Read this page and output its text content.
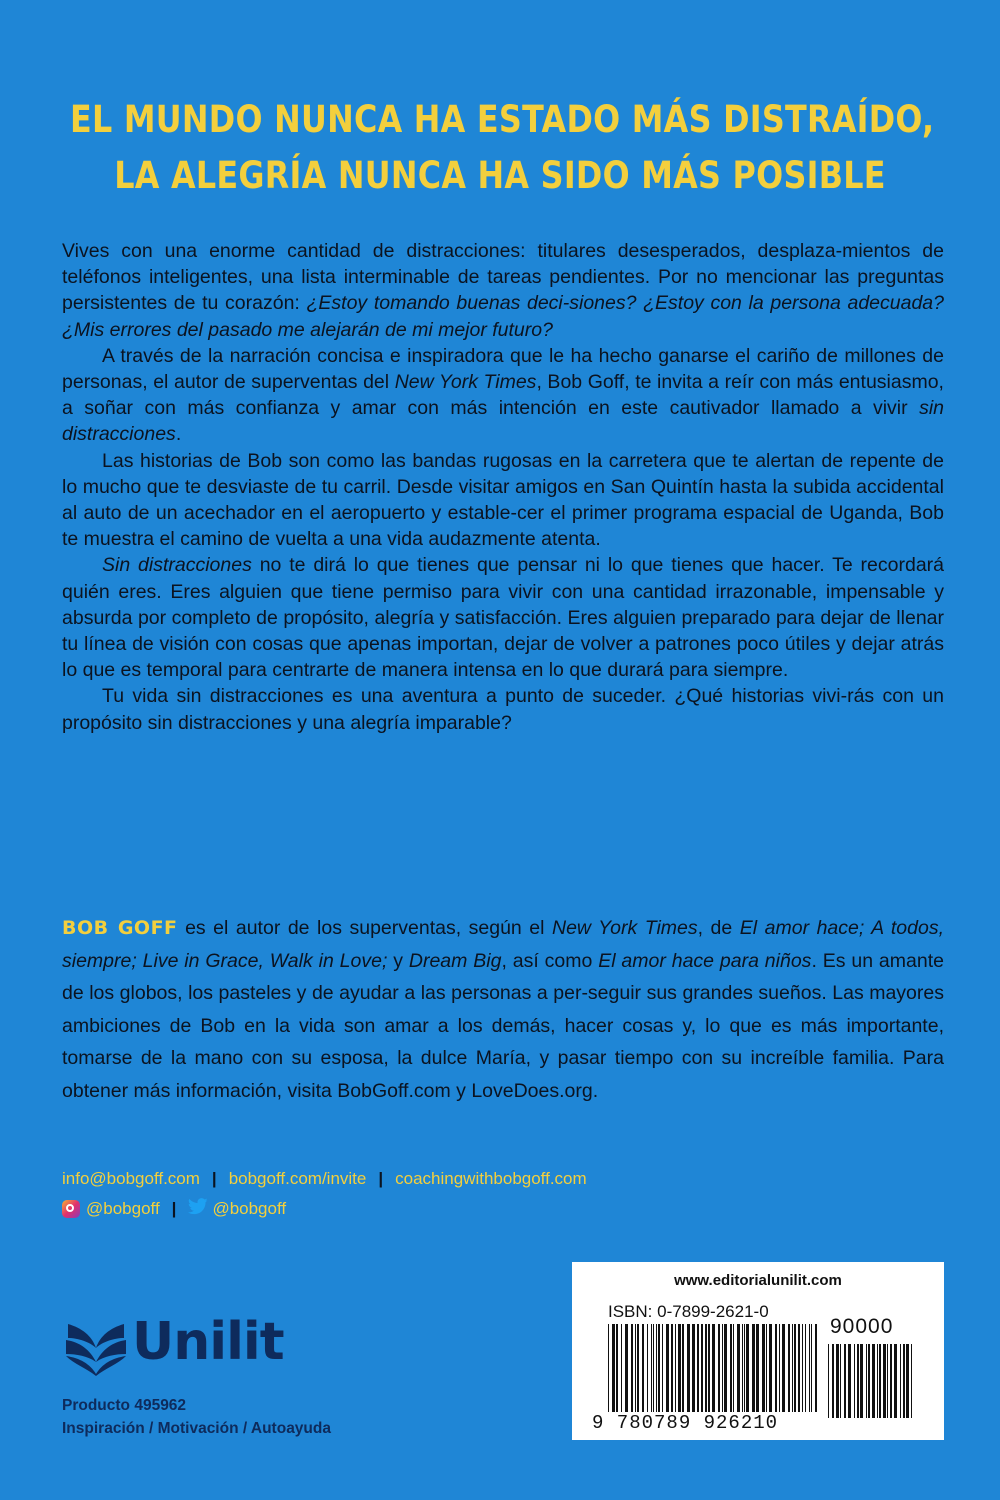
EL MUNDO NUNCA HA ESTADO MÁS DISTRAÍDO,
LA ALEGRÍA NUNCA HA SIDO MÁS POSIBLE

Vives con una enorme cantidad de distracciones: titulares desesperados, desplaza-mientos de teléfonos inteligentes, una lista interminable de tareas pendientes. Por no mencionar las preguntas persistentes de tu corazón: ¿Estoy tomando buenas deci-siones? ¿Estoy con la persona adecuada? ¿Mis errores del pasado me alejarán de mi mejor futuro?

A través de la narración concisa e inspiradora que le ha hecho ganarse el cariño de millones de personas, el autor de superventas del New York Times, Bob Goff, te invita a reír con más entusiasmo, a soñar con más confianza y amar con más intención en este cautivador llamado a vivir sin distracciones.

Las historias de Bob son como las bandas rugosas en la carretera que te alertan de repente de lo mucho que te desviaste de tu carril. Desde visitar amigos en San Quintín hasta la subida accidental al auto de un acechador en el aeropuerto y estable-cer el primer programa espacial de Uganda, Bob te muestra el camino de vuelta a una vida audazmente atenta.

Sin distracciones no te dirá lo que tienes que pensar ni lo que tienes que hacer. Te recordará quién eres. Eres alguien que tiene permiso para vivir con una cantidad irrazonable, impensable y absurda por completo de propósito, alegría y satisfacción. Eres alguien preparado para dejar de llenar tu línea de visión con cosas que apenas importan, dejar de volver a patrones poco útiles y dejar atrás lo que es temporal para centrarte de manera intensa en lo que durará para siempre.

Tu vida sin distracciones es una aventura a punto de suceder. ¿Qué historias vivi-rás con un propósito sin distracciones y una alegría imparable?

BOB GOFF es el autor de los superventas, según el New York Times, de El amor hace; A todos, siempre; Live in Grace, Walk in Love; y Dream Big, así como El amor hace para niños. Es un amante de los globos, los pasteles y de ayudar a las personas a per-seguir sus grandes sueños. Las mayores ambiciones de Bob en la vida son amar a los demás, hacer cosas y, lo que es más importante, tomarse de la mano con su esposa, la dulce María, y pasar tiempo con su increíble familia. Para obtener más información, visita BobGoff.com y LoveDoes.org.
info@bobgoff.com | bobgoff.com/invite | coachingwithbobgoff.com
@bobgoff | @bobgoff
Unilit
Producto 495962
Inspiración / Motivación / Autoayuda
www.editorialunilit.com
ISBN: 0-7899-2621-0
90000
9 780789 926210
